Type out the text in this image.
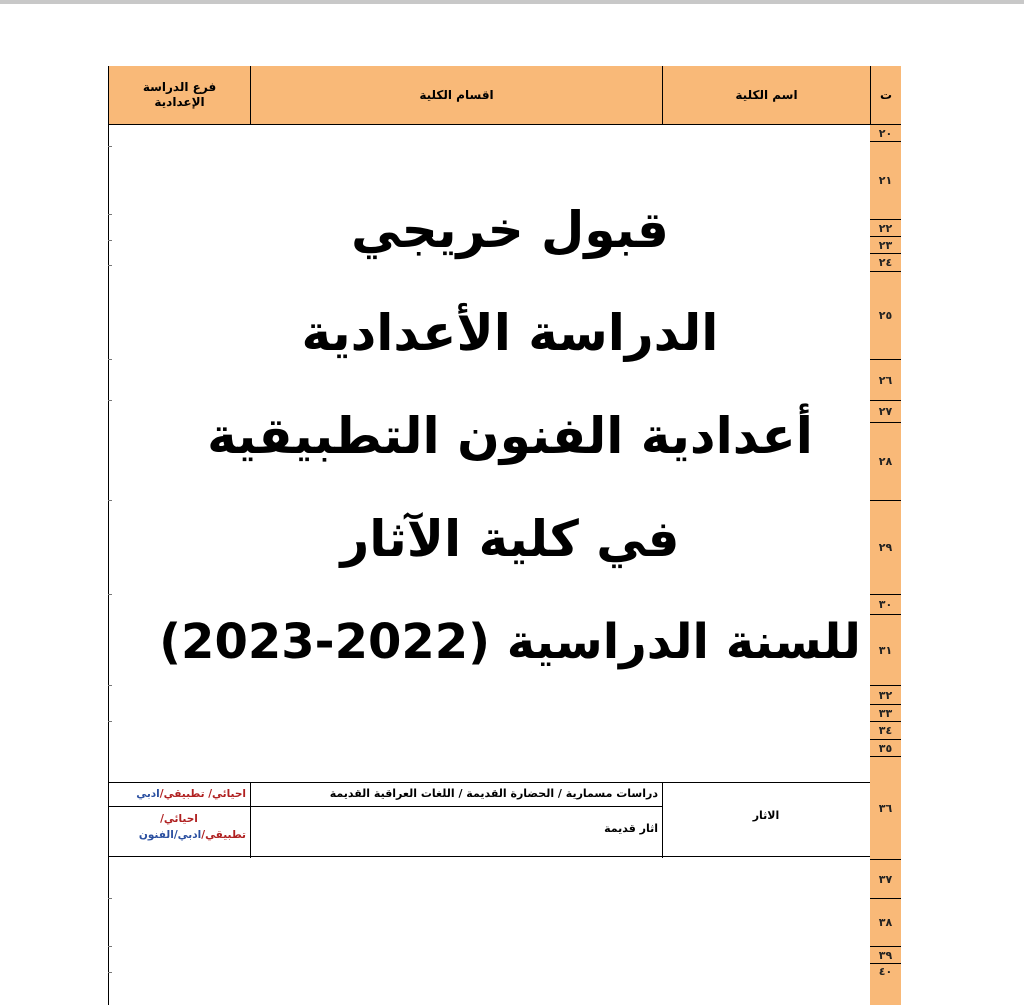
ت
اسم الكلية
اقسام الكلية
فرع الدراسة
الإعدادية
٢٠
٢١
٢٢
٢٣
٢٤
٢٥
٢٦
٢٧
٢٨
٢٩
٣٠
٣١
٣٢
٣٣
٣٤
٣٥
٣٦
٣٧
٣٨
٣٩
٤٠
الاثار
دراسات مسمارية / الحضارة القديمة / اللغات العراقية القديمة
اثار قديمة
احيائي/ تطبيقي/ادبي
احيائي/
تطبيقي/ادبي/الفنون
قبول خريجي
الدراسة الأعدادية
أعدادية الفنون التطبيقية
في كلية الآثار
للسنة الدراسية (2022-2023)
